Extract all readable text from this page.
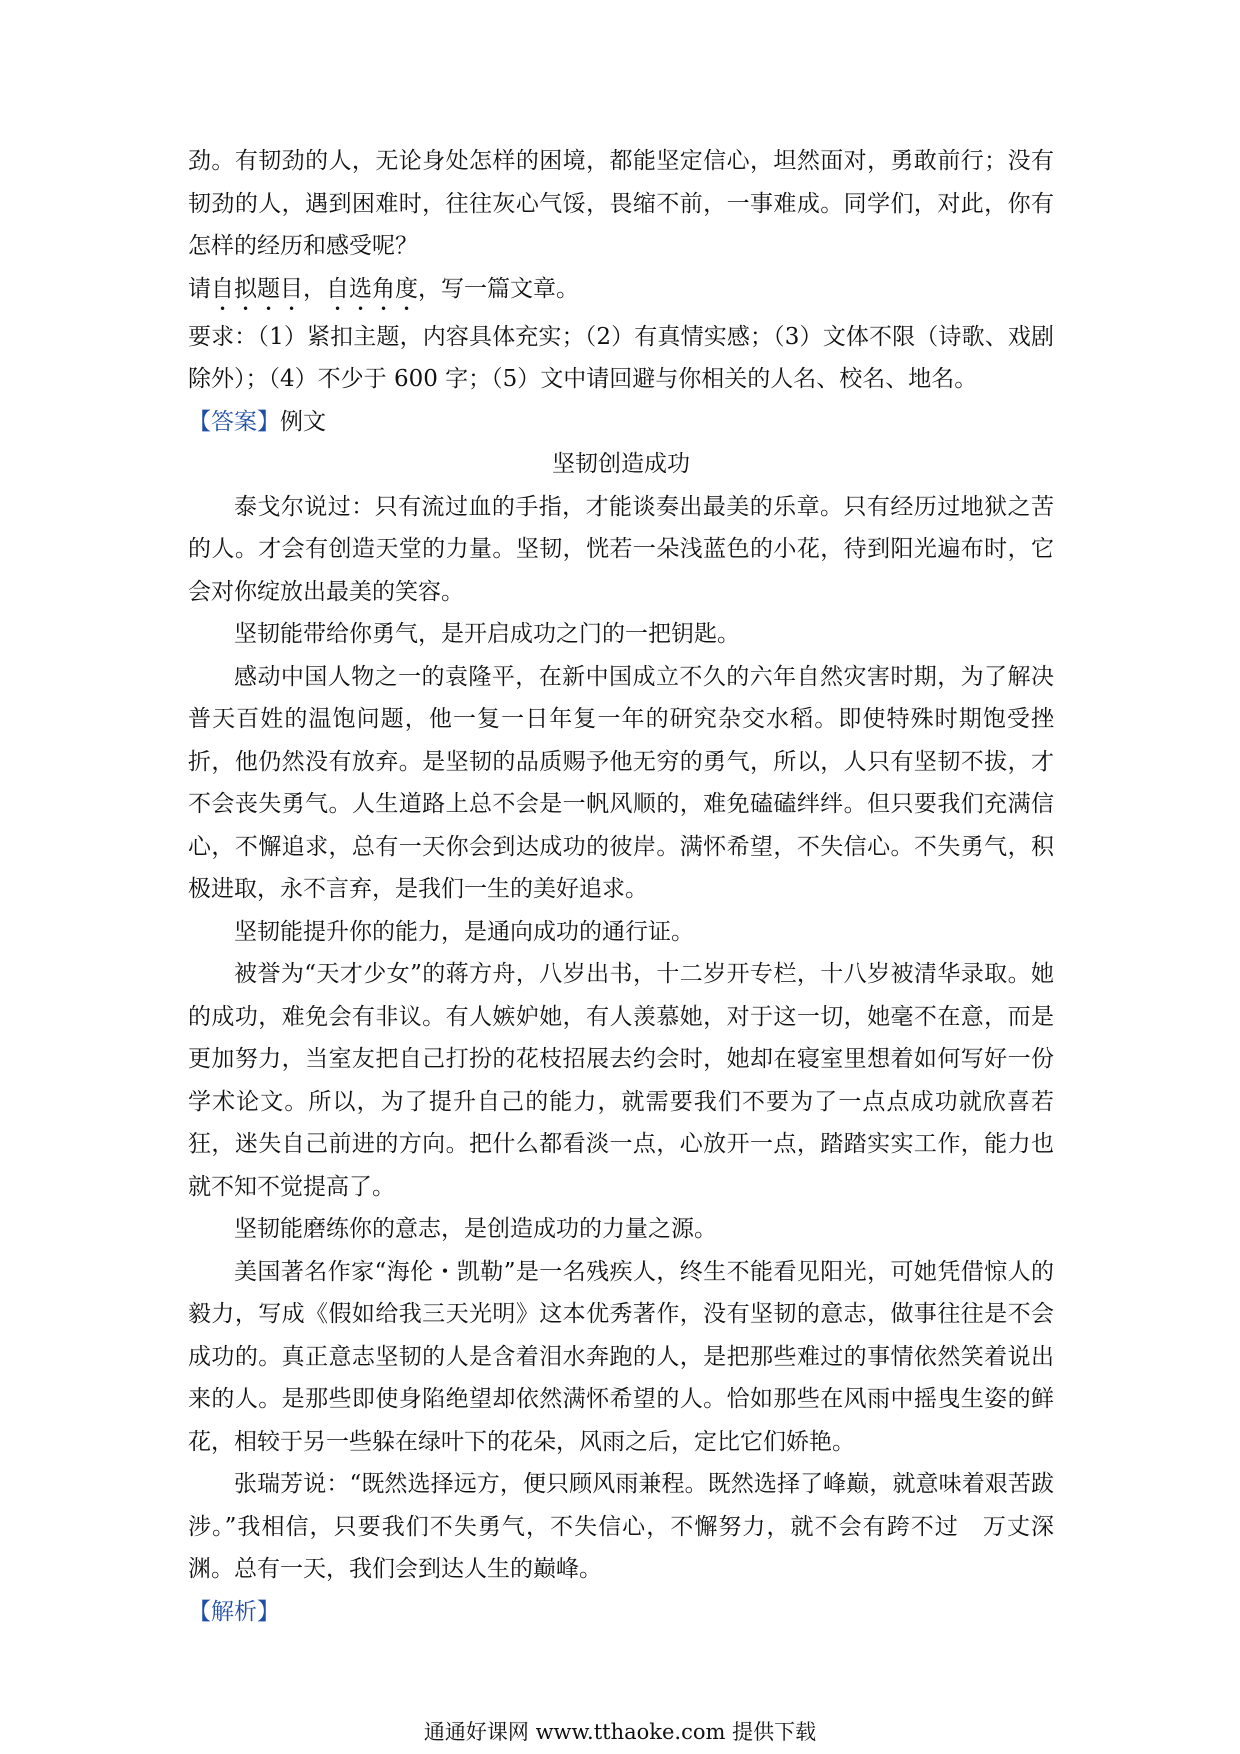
劲。有韧劲的人，无论身处怎样的困境，都能坚定信心，坦然面对，勇敢前行；没有韧劲的人，遇到困难时，往往灰心气馁，畏缩不前，一事难成。同学们，对此，你有怎样的经历和感受呢？

请自拟题目，自选角度，写一篇文章。

要求：（1）紧扣主题，内容具体充实；（2）有真情实感；（3）文体不限（诗歌、戏剧除外）；（4）不少于 600 字；（5）文中请回避与你相关的人名、校名、地名。

【答案】例文

坚韧创造成功

泰戈尔说过：只有流过血的手指，才能谈奏出最美的乐章。只有经历过地狱之苦的人。才会有创造天堂的力量。坚韧，恍若一朵浅蓝色的小花，待到阳光遍布时，它会对你绽放出最美的笑容。

坚韧能带给你勇气，是开启成功之门的一把钥匙。

感动中国人物之一的袁隆平，在新中国成立不久的六年自然灾害时期，为了解决普天百姓的温饱问题，他一复一日年复一年的研究杂交水稻。即使特殊时期饱受挫折，他仍然没有放弃。是坚韧的品质赐予他无穷的勇气，所以，人只有坚韧不拔，才不会丧失勇气。人生道路上总不会是一帆风顺的，难免磕磕绊绊。但只要我们充满信心，不懈追求，总有一天你会到达成功的彼岸。满怀希望，不失信心。不失勇气，积极进取，永不言弃，是我们一生的美好追求。

坚韧能提升你的能力，是通向成功的通行证。

被誉为“天才少女”的蒋方舟，八岁出书，十二岁开专栏，十八岁被清华录取。她的成功，难免会有非议。有人嫉妒她，有人羡慕她，对于这一切，她毫不在意，而是更加努力，当室友把自己打扮的花枝招展去约会时，她却在寝室里想着如何写好一份学术论文。所以，为了提升自己的能力，就需要我们不要为了一点点成功就欣喜若狂，迷失自己前进的方向。把什么都看淡一点，心放开一点，踏踏实实工作，能力也就不知不觉提高了。

坚韧能磨练你的意志，是创造成功的力量之源。

美国著名作家“海伦・凯勒”是一名残疾人，终生不能看见阳光，可她凭借惊人的毅力，写成《假如给我三天光明》这本优秀著作，没有坚韧的意志，做事往往是不会成功的。真正意志坚韧的人是含着泪水奔跑的人，是把那些难过的事情依然笑着说出来的人。是那些即使身陷绝望却依然满怀希望的人。恰如那些在风雨中摇曳生姿的鲜花，相较于另一些躲在绿叶下的花朵，风雨之后，定比它们娇艳。

张瑞芳说：“既然选择远方，便只顾风雨兼程。既然选择了峰巅，就意味着艰苦跋涉。”我相信，只要我们不失勇气，不失信心，不懈努力，就不会有跨不过　万丈深渊。总有一天，我们会到达人生的巅峰。

【解析】

通通好课网 www.tthaoke.com 提供下载
